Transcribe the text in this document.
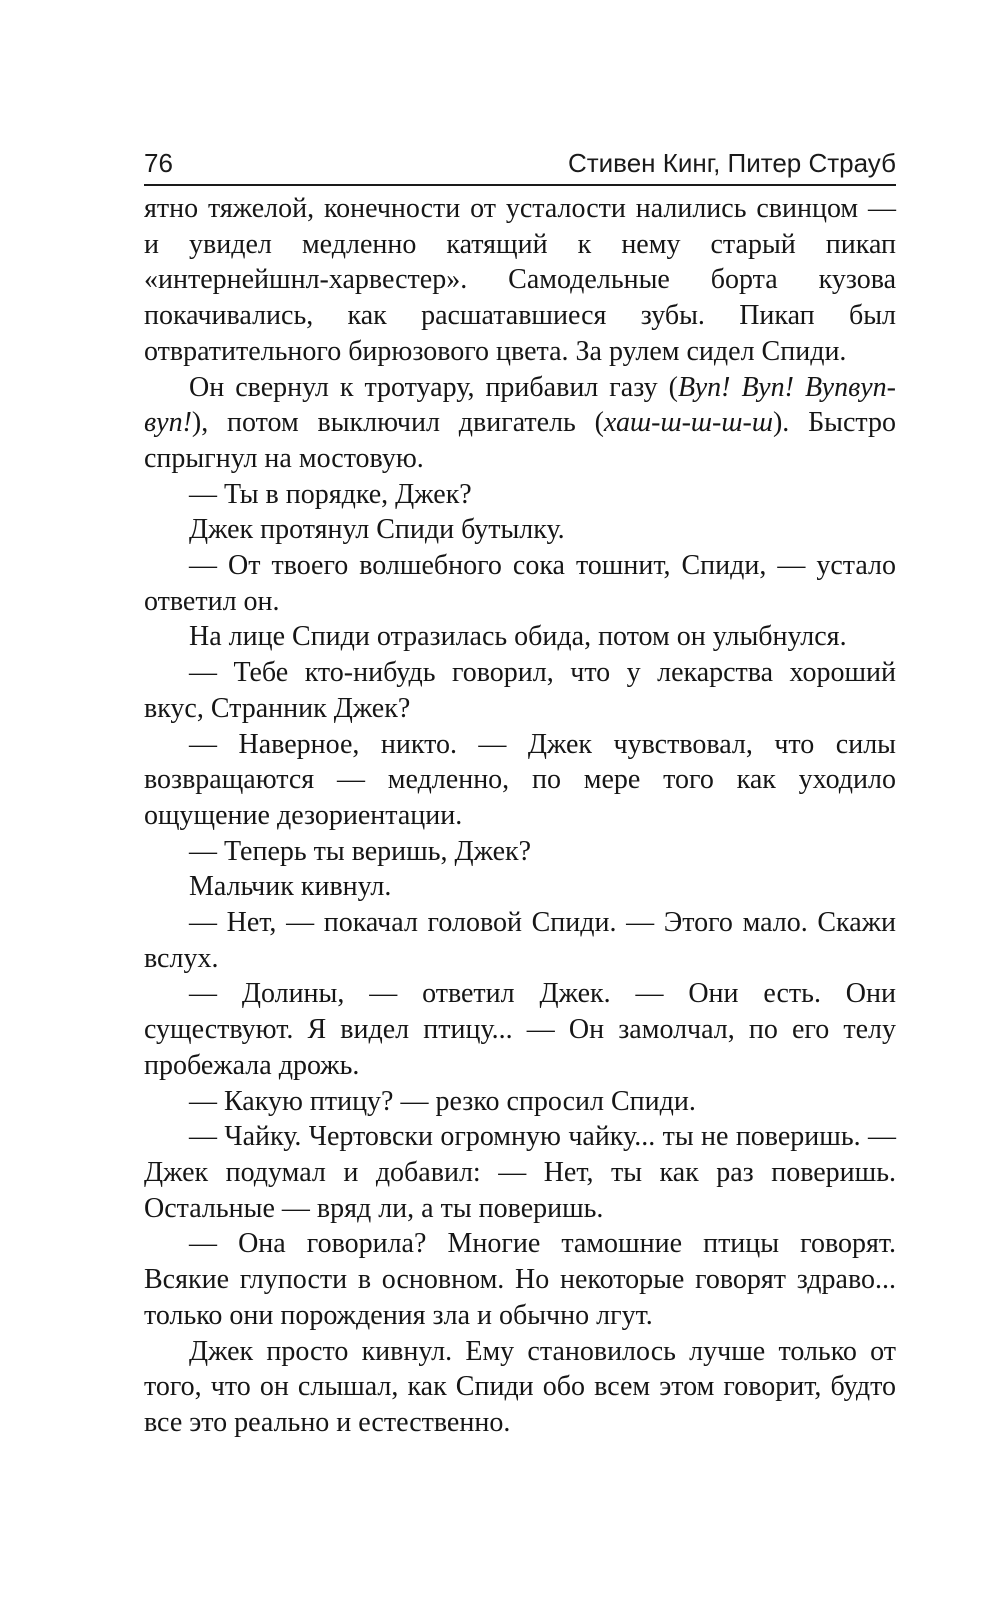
76	Стивен Кинг, Питер Страуб

ятно тяжелой, конечности от усталости налились свинцом — и увидел медленно катящий к нему старый пикап «интернейшнл-харвестер». Самодельные борта кузова покачивались, как расшатавшиеся зубы. Пикап был отвратительного бирюзового цвета. За рулем сидел Спиди.

Он свернул к тротуару, прибавил газу (Вуп! Вуп! Вупвуп-вуп!), потом выключил двигатель (хаш-ш-ш-ш-ш). Быстро спрыгнул на мостовую.

— Ты в порядке, Джек?

Джек протянул Спиди бутылку.

— От твоего волшебного сока тошнит, Спиди, — устало ответил он.

На лице Спиди отразилась обида, потом он улыбнулся.

— Тебе кто-нибудь говорил, что у лекарства хороший вкус, Странник Джек?

— Наверное, никто. — Джек чувствовал, что силы возвращаются — медленно, по мере того как уходило ощущение дезориентации.

— Теперь ты веришь, Джек?

Мальчик кивнул.

— Нет, — покачал головой Спиди. — Этого мало. Скажи вслух.

— Долины, — ответил Джек. — Они есть. Они существуют. Я видел птицу... — Он замолчал, по его телу пробежала дрожь.

— Какую птицу? — резко спросил Спиди.

— Чайку. Чертовски огромную чайку... ты не поверишь. — Джек подумал и добавил: — Нет, ты как раз поверишь. Остальные — вряд ли, а ты поверишь.

— Она говорила? Многие тамошние птицы говорят. Всякие глупости в основном. Но некоторые говорят здраво... только они порождения зла и обычно лгут.

Джек просто кивнул. Ему становилось лучше только от того, что он слышал, как Спиди обо всем этом говорит, будто все это реально и естественно.
